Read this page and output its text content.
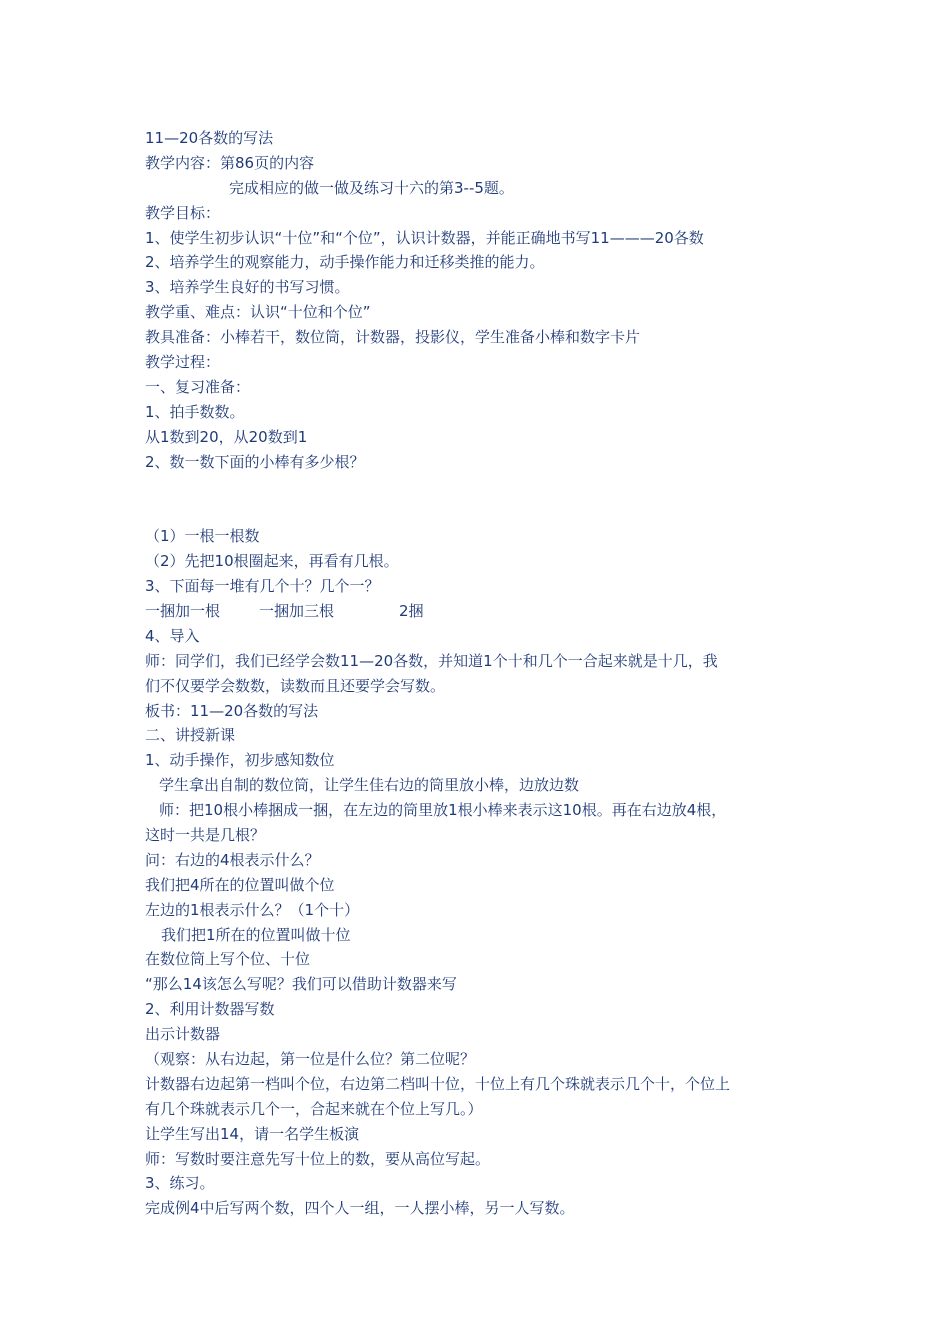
11—20各数的写法

教学内容：第86页的内容

完成相应的做一做及练习十六的第3--5题。

教学目标：

1、使学生初步认识“十位”和“个位”，认识计数器，并能正确地书写11———20各数

2、培养学生的观察能力，动手操作能力和迁移类推的能力。

3、培养学生良好的书写习惯。

教学重、难点：认识“十位和个位”

教具准备：小棒若干，数位筒，计数器，投影仪，学生准备小棒和数字卡片

教学过程：

一、复习准备：

1、拍手数数。

从1数到20，从20数到1

2、数一数下面的小棒有多少根？

（1）一根一根数

（2）先把10根圈起来，再看有几根。

3、下面每一堆有几个十？几个一？

一捆加一根	一捆加三根	2捆

4、导入

师：同学们，我们已经学会数11—20各数，并知道1个十和几个一合起来就是十几，我

们不仅要学会数数，读数而且还要学会写数。

板书：11—20各数的写法

二、讲授新课

1、动手操作，初步感知数位

学生拿出自制的数位筒，让学生佳右边的筒里放小棒，边放边数

师：把10根小棒捆成一捆，在左边的筒里放1根小棒来表示这10根。再在右边放4根，

这时一共是几根？

问：右边的4根表示什么？

我们把4所在的位置叫做个位

左边的1根表示什么？（1个十）

我们把1所在的位置叫做十位

在数位筒上写个位、十位

“那么14该怎么写呢？我们可以借助计数器来写

2、利用计数器写数

出示计数器

（观察：从右边起，第一位是什么位？第二位呢？

计数器右边起第一档叫个位，右边第二档叫十位，十位上有几个珠就表示几个十，个位上

有几个珠就表示几个一，合起来就在个位上写几。）

让学生写出14，请一名学生板演

师：写数时要注意先写十位上的数，要从高位写起。

3、练习。

完成例4中后写两个数，四个人一组，一人摆小棒，另一人写数。
